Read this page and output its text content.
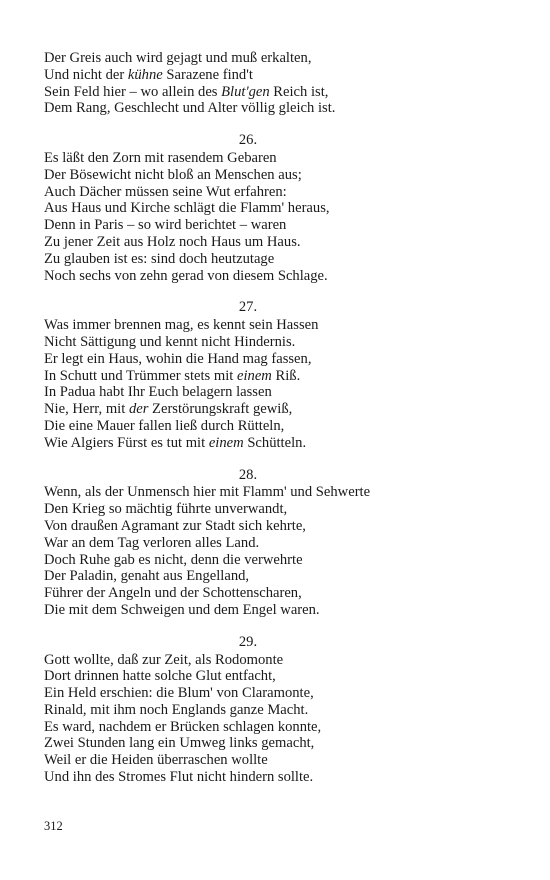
Der Greis auch wird gejagt und muß erkalten,
Und nicht der kühne Sarazene find't
Sein Feld hier – wo allein des Blut'gen Reich ist,
Dem Rang, Geschlecht und Alter völlig gleich ist.
26.
Es läßt den Zorn mit rasendem Gebaren
Der Bösewicht nicht bloß an Menschen aus;
Auch Dächer müssen seine Wut erfahren:
Aus Haus und Kirche schlägt die Flamm' heraus,
Denn in Paris – so wird berichtet – waren
Zu jener Zeit aus Holz noch Haus um Haus.
Zu glauben ist es: sind doch heutzutage
Noch sechs von zehn gerad von diesem Schlage.
27.
Was immer brennen mag, es kennt sein Hassen
Nicht Sättigung und kennt nicht Hindernis.
Er legt ein Haus, wohin die Hand mag fassen,
In Schutt und Trümmer stets mit einem Riß.
In Padua habt Ihr Euch belagern lassen
Nie, Herr, mit der Zerstörungskraft gewiß,
Die eine Mauer fallen ließ durch Rütteln,
Wie Algiers Fürst es tut mit einem Schütteln.
28.
Wenn, als der Unmensch hier mit Flamm' und Sehwerte
Den Krieg so mächtig führte unverwandt,
Von draußen Agramant zur Stadt sich kehrte,
War an dem Tag verloren alles Land.
Doch Ruhe gab es nicht, denn die verwehrte
Der Paladin, genaht aus Engelland,
Führer der Angeln und der Schottenscharen,
Die mit dem Schweigen und dem Engel waren.
29.
Gott wollte, daß zur Zeit, als Rodomonte
Dort drinnen hatte solche Glut entfacht,
Ein Held erschien: die Blum' von Claramonte,
Rinald, mit ihm noch Englands ganze Macht.
Es ward, nachdem er Brücken schlagen konnte,
Zwei Stunden lang ein Umweg links gemacht,
Weil er die Heiden überraschen wollte
Und ihn des Stromes Flut nicht hindern sollte.
312
